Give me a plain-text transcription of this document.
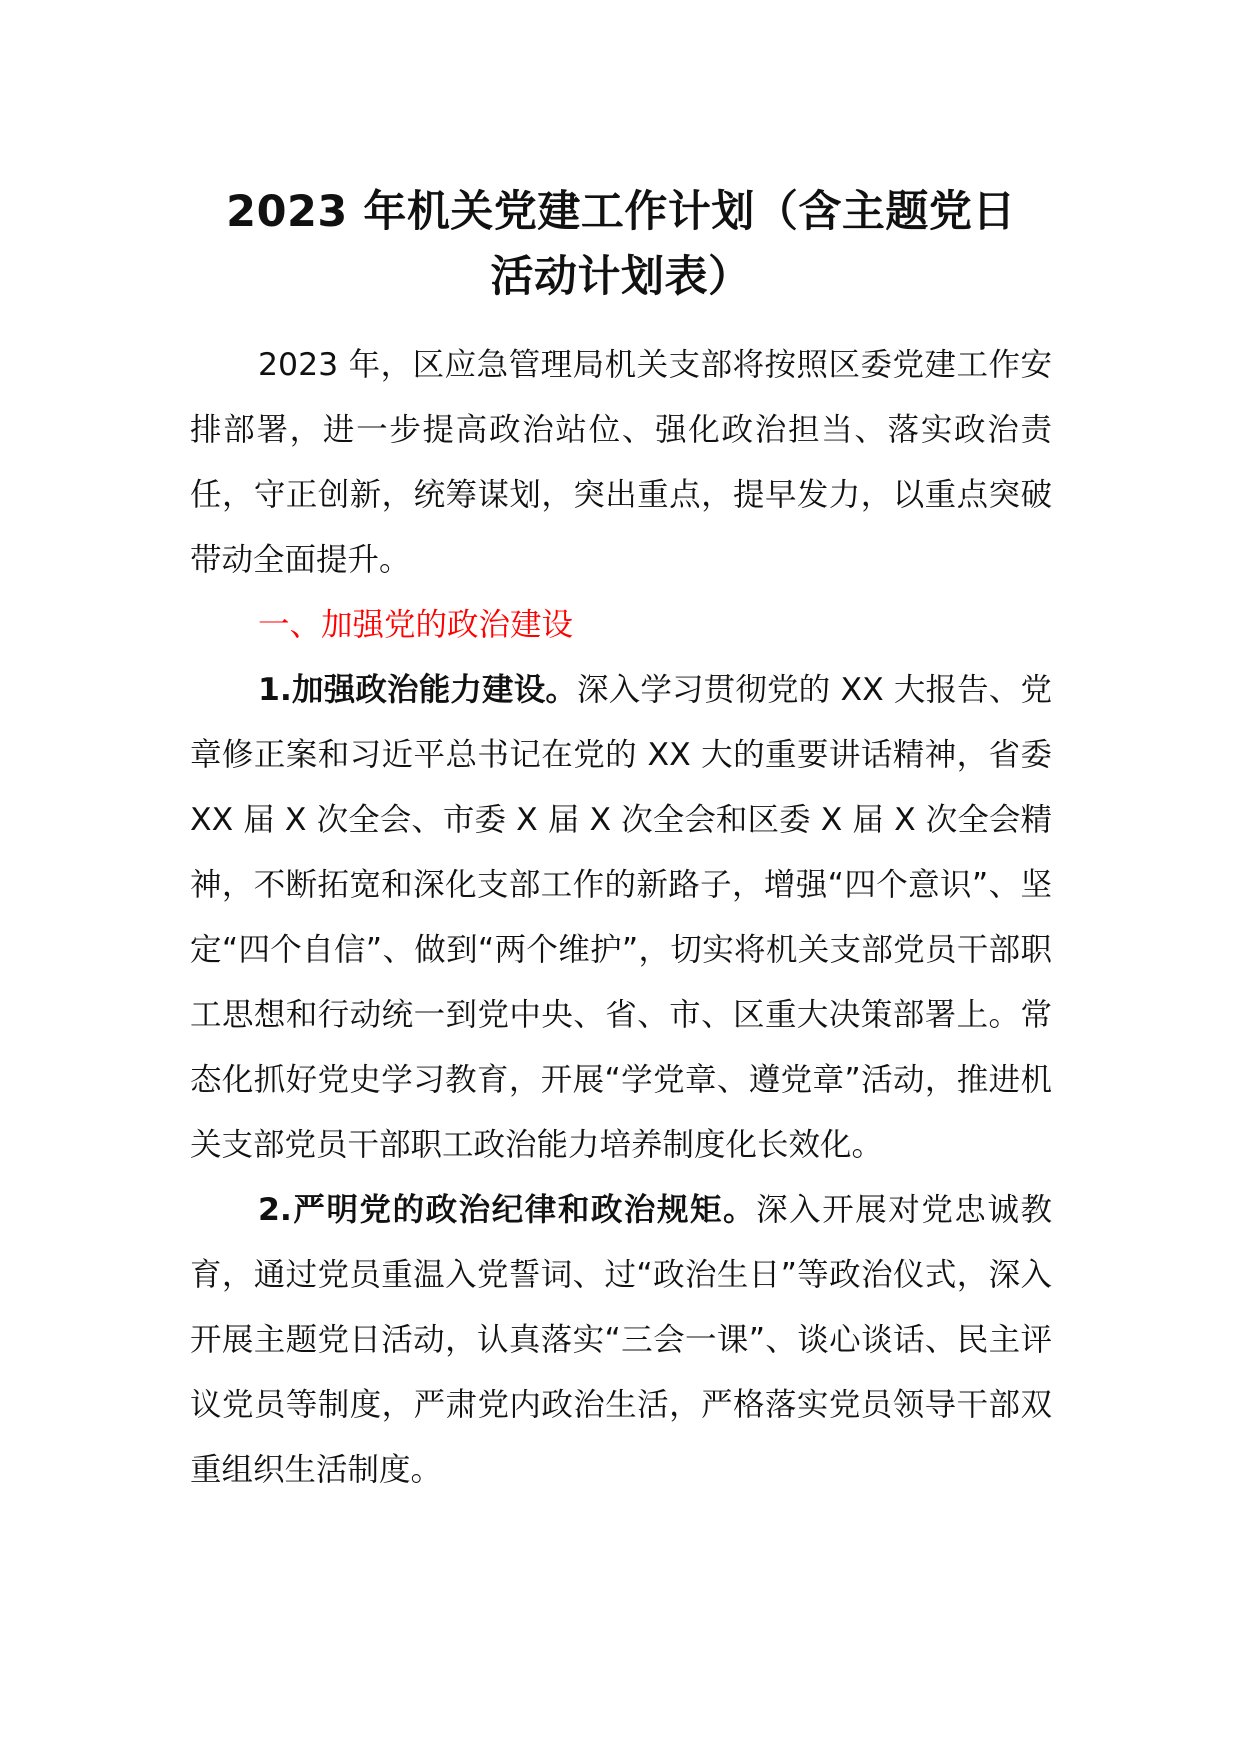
2023 年机关党建工作计划（含主题党日
活动计划表）

2023 年，区应急管理局机关支部将按照区委党建工作安排部署，进一步提高政治站位、强化政治担当、落实政治责任，守正创新，统筹谋划，突出重点，提早发力，以重点突破带动全面提升。

一、加强党的政治建设

1.加强政治能力建设。深入学习贯彻党的 XX 大报告、党章修正案和习近平总书记在党的 XX 大的重要讲话精神，省委 XX 届 X 次全会、市委 X 届 X 次全会和区委 X 届 X 次全会精神，不断拓宽和深化支部工作的新路子，增强“四个意识”、坚定“四个自信”、做到“两个维护”，切实将机关支部党员干部职工思想和行动统一到党中央、省、市、区重大决策部署上。常态化抓好党史学习教育，开展“学党章、遵党章”活动，推进机关支部党员干部职工政治能力培养制度化长效化。

2.严明党的政治纪律和政治规矩。深入开展对党忠诚教育，通过党员重温入党誓词、过“政治生日”等政治仪式，深入开展主题党日活动，认真落实“三会一课”、谈心谈话、民主评议党员等制度，严肃党内政治生活，严格落实党员领导干部双重组织生活制度。
